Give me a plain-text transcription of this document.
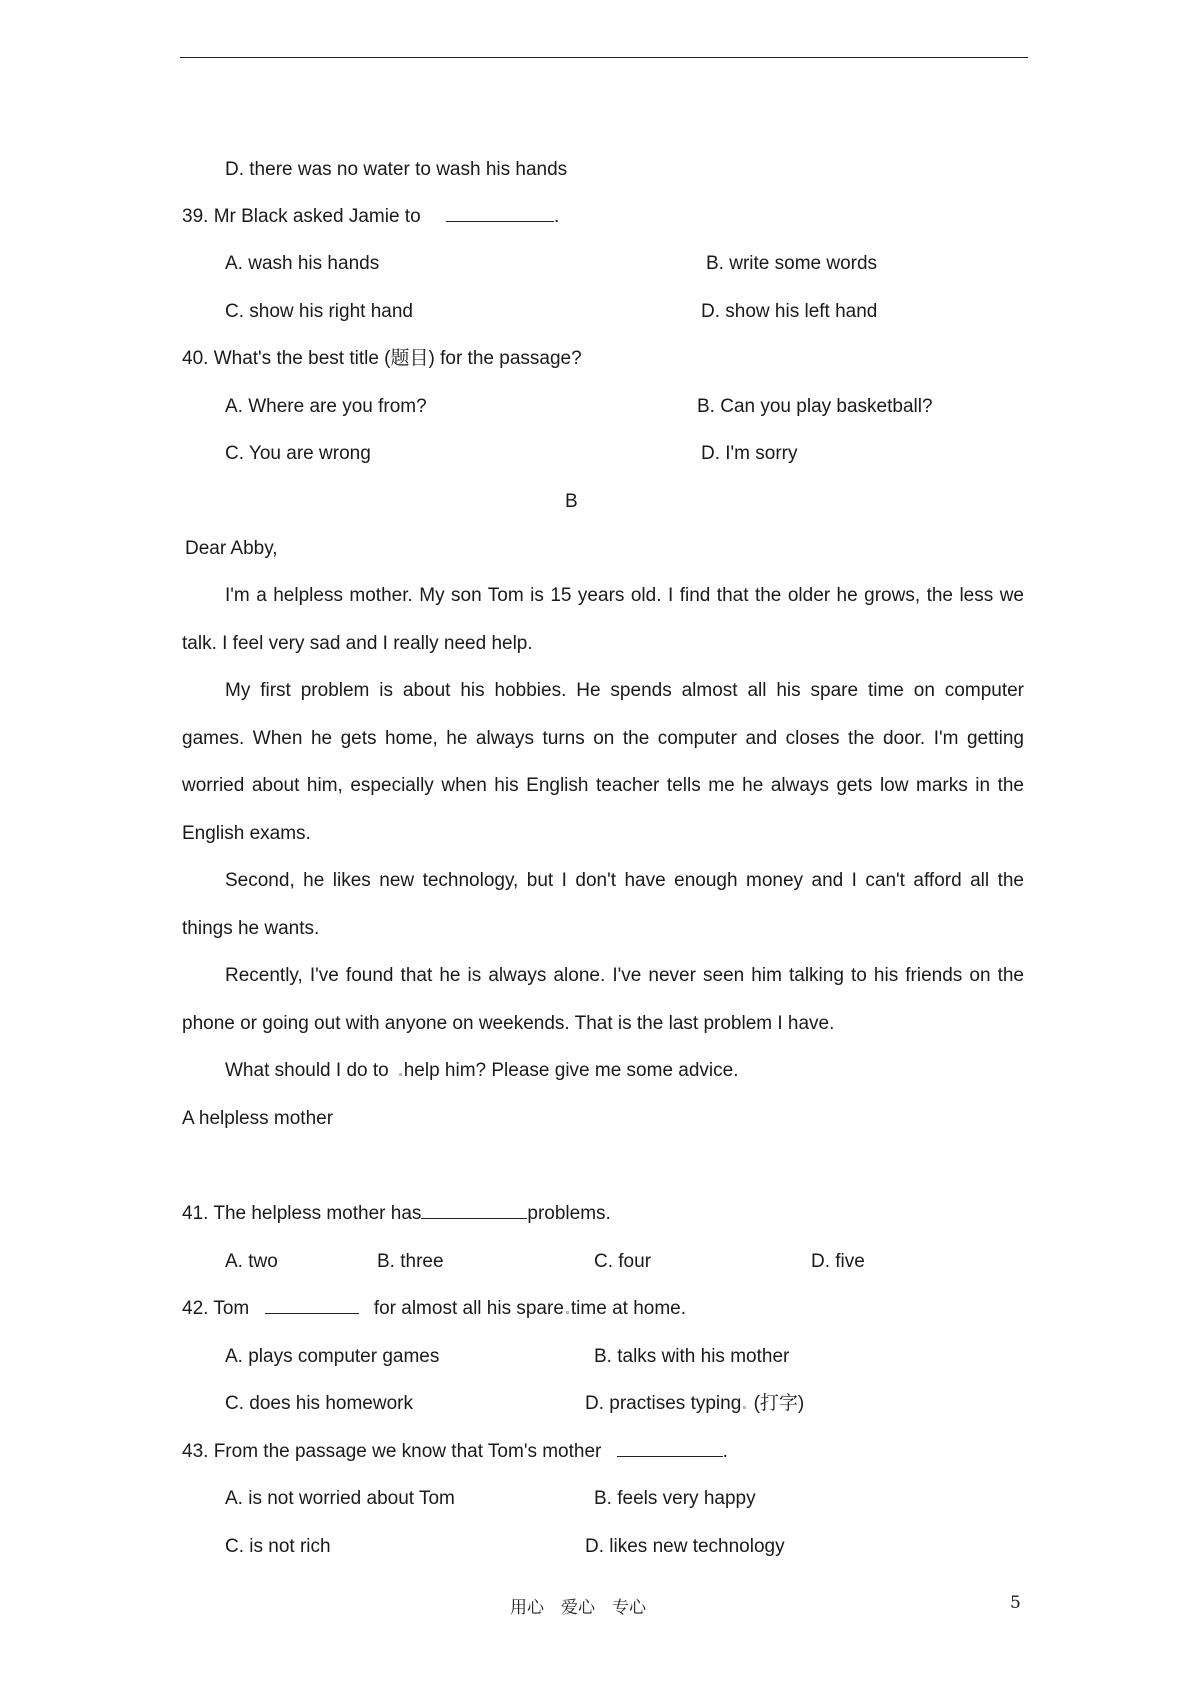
D. there was no water to wash his hands
39. Mr Black asked Jamie to	.
A. wash his hands	B. write some words
C. show his right hand	D. show his left hand
40. What's the best title (题目) for the passage?
A. Where are you from?	B. Can you play basketball?
C. You are wrong	D. I'm sorry
B
Dear Abby,
I'm a helpless mother. My son Tom is 15 years old. I find that the older he grows, the less we
talk. I feel very sad and I really need help.
My first problem is about his hobbies. He spends almost all his spare time on computer
games. When he gets home, he always turns on the computer and closes the door. I'm getting
worried about him, especially when his English teacher tells me he always gets low marks in the
English exams.
Second, he likes new technology, but I don't have enough money and I can't afford all the
things he wants.
Recently, I've found that he is always alone. I've never seen him talking to his friends on the
phone or going out with anyone on weekends. That is the last problem I have.
What should I do to help him? Please give me some advice.
A helpless mother
41. The helpless mother has	problems.
A. two	B. three	C. four	D. five
42. Tom	for almost all his spare time at home.
A. plays computer games	B. talks with his mother
C. does his homework	D. practises typing (打字)
43. From the passage we know that Tom's mother	.
A. is not worried about Tom	B. feels very happy
C. is not rich	D. likes new technology
用心　爱心　专心	5
